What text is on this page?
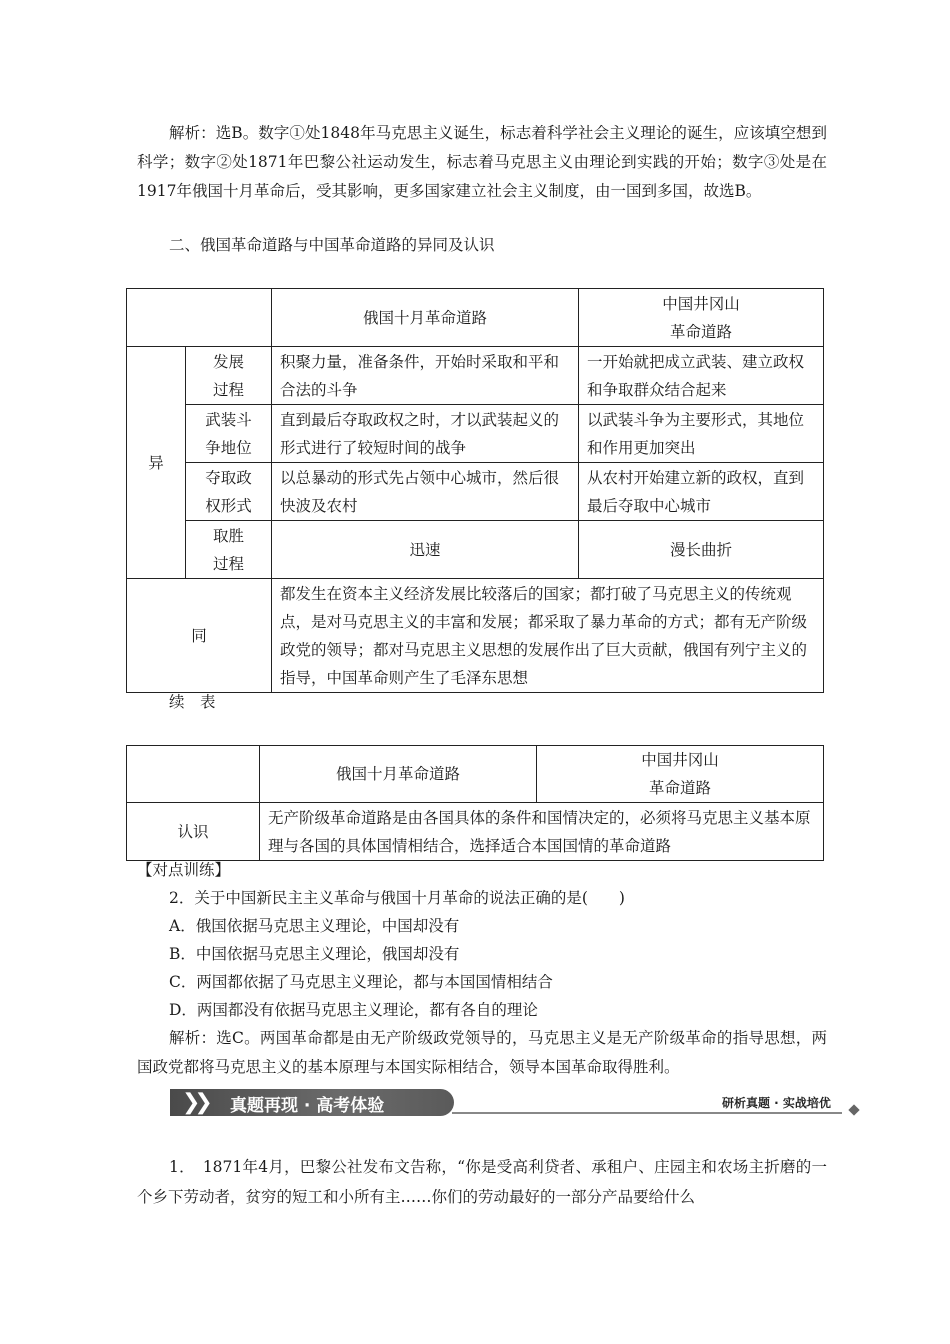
解析：选B。数字①处1848年马克思主义诞生，标志着科学社会主义理论的诞生，应该填空想到科学；数字②处1871年巴黎公社运动发生，标志着马克思主义由理论到实践的开始；数字③处是在1917年俄国十月革命后，受其影响，更多国家建立社会主义制度，由一国到多国，故选B。
二、俄国革命道路与中国革命道路的异同及认识
		俄国十月革命道路	中国井冈山
革命道路
异	发展
过程	积聚力量，准备条件，开始时采取和平和合法的斗争	一开始就把成立武装、建立政权和争取群众结合起来
	武装斗
争地位	直到最后夺取政权之时，才以武装起义的形式进行了较短时间的战争	以武装斗争为主要形式，其地位和作用更加突出
	夺取政
权形式	以总暴动的形式先占领中心城市，然后很快波及农村	从农村开始建立新的政权，直到最后夺取中心城市
	取胜
过程	迅速	漫长曲折
同		都发生在资本主义经济发展比较落后的国家；都打破了马克思主义的传统观点，是对马克思主义的丰富和发展；都采取了暴力革命的方式；都有无产阶级政党的领导；都对马克思主义思想的发展作出了巨大贡献，俄国有列宁主义的指导，中国革命则产生了毛泽东思想	
续　表
	俄国十月革命道路	中国井冈山
革命道路
认识	无产阶级革命道路是由各国具体的条件和国情决定的，必须将马克思主义基本原理与各国的具体国情相结合，选择适合本国国情的革命道路	
【对点训练】
2．关于中国新民主主义革命与俄国十月革命的说法正确的是(　　)
A．俄国依据马克思主义理论，中国却没有
B．中国依据马克思主义理论，俄国却没有
C．两国都依据了马克思主义理论，都与本国国情相结合
D．两国都没有依据马克思主义理论，都有各自的理论
解析：选C。两国革命都是由无产阶级政党领导的，马克思主义是无产阶级革命的指导思想，两国政党都将马克思主义的基本原理与本国实际相结合，领导本国革命取得胜利。
❯❯ 真题再现 · 高考体验	研析真题 · 实战培优
1．　1871年4月，巴黎公社发布文告称，“你是受高利贷者、承租户、庄园主和农场主折磨的一个乡下劳动者，贫穷的短工和小所有主……你们的劳动最好的一部分产品要给什么
